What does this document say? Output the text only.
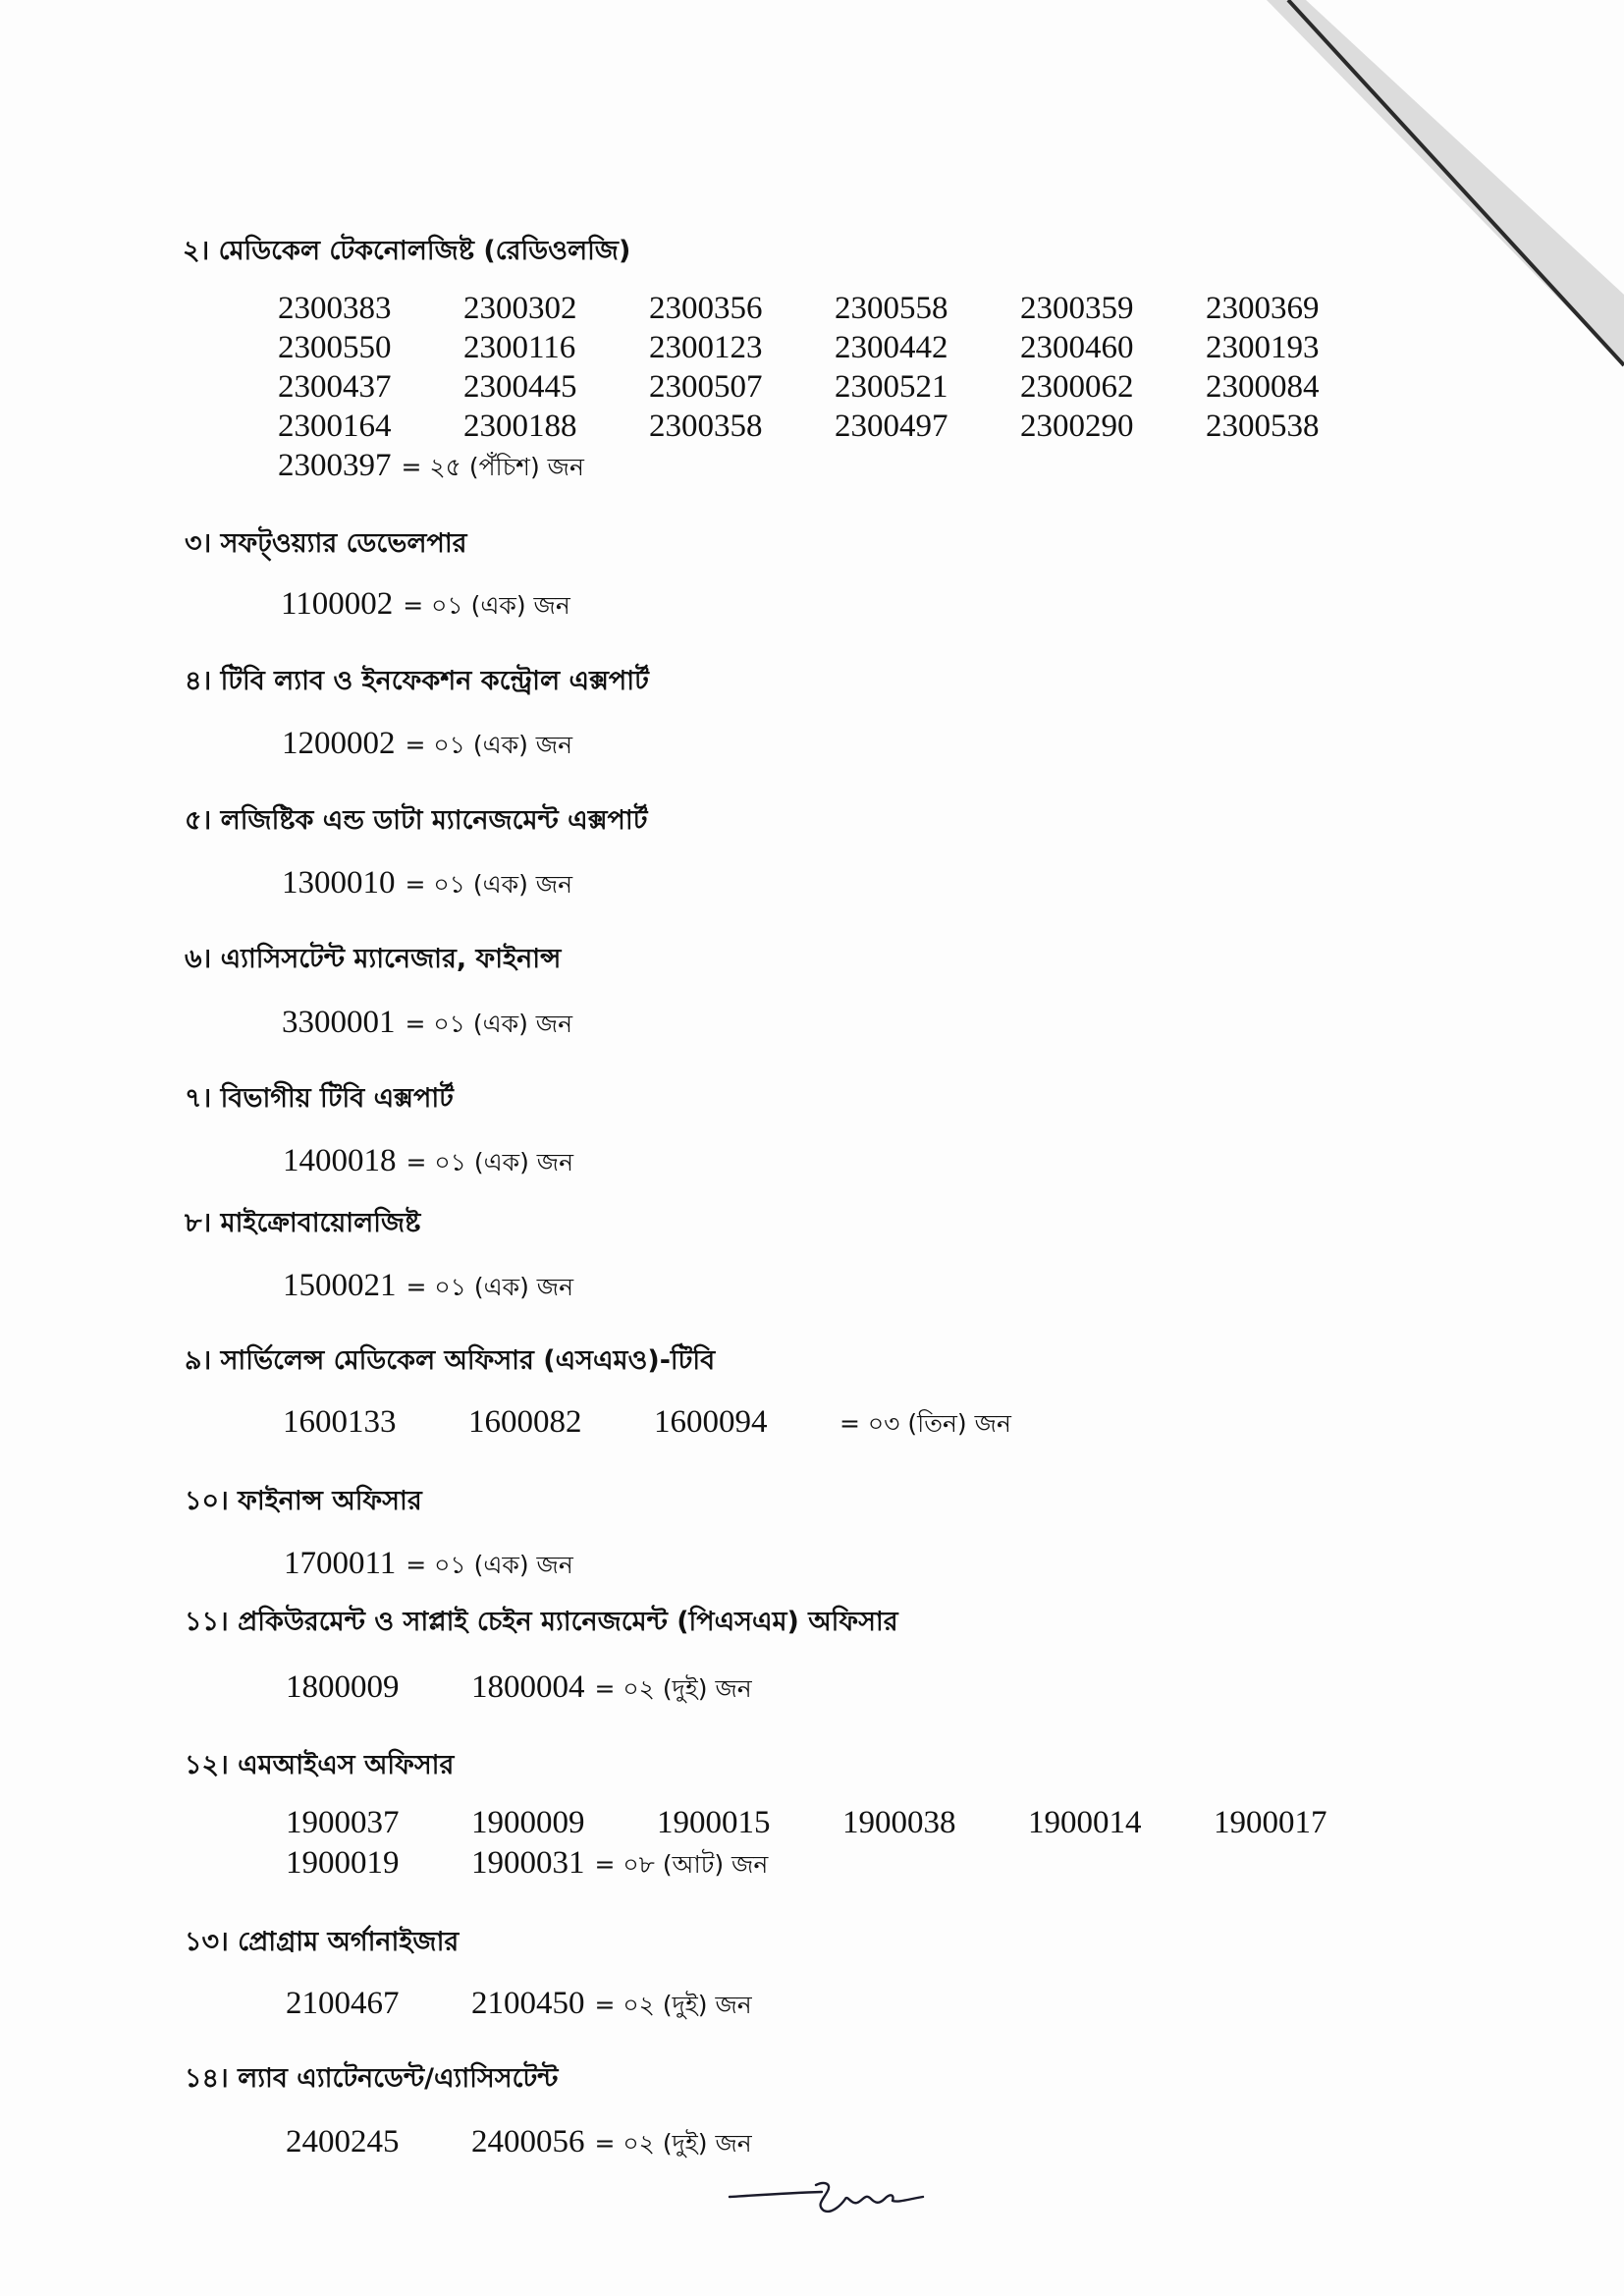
২। মেডিকেল টেকনোলজিষ্ট (রেডিওলজি)
2300383 2300302 2300356 2300558 2300359 2300369
2300550 2300116 2300123 2300442 2300460 2300193
2300437 2300445 2300507 2300521 2300062 2300084
2300164 2300188 2300358 2300497 2300290 2300538
2300397 = ২৫ (পঁচিশ) জন
৩। সফট্ওয়্যার ডেভেলপার
1100002 = ০১ (এক) জন
৪। টিবি ল্যাব ও ইনফেকশন কন্ট্রোল এক্সপার্ট
1200002 = ০১ (এক) জন
৫। লজিষ্টিক এন্ড ডাটা ম্যানেজমেন্ট এক্সপার্ট
1300010 = ০১ (এক) জন
৬। এ্যাসিসটেন্ট ম্যানেজার, ফাইনান্স
3300001 = ০১ (এক) জন
৭। বিভাগীয় টিবি এক্সপার্ট
1400018 = ০১ (এক) জন
৮। মাইক্রোবায়োলজিষ্ট
1500021 = ০১ (এক) জন
৯। সার্ভিলেন্স মেডিকেল অফিসার (এসএমও)-টিবি
1600133 1600082 1600094	= ০৩ (তিন) জন
১০। ফাইনান্স অফিসার
1700011 = ০১ (এক) জন
১১। প্রকিউরমেন্ট ও সাপ্লাই চেইন ম্যানেজমেন্ট (পিএসএম) অফিসার
1800009 1800004 = ০২ (দুই) জন
১২। এমআইএস অফিসার
1900037 1900009 1900015 1900038 1900014 1900017
1900019 1900031 = ০৮ (আট) জন
১৩। প্রোগ্রাম অর্গানাইজার
2100467 2100450 = ০২ (দুই) জন
১৪। ল্যাব এ্যাটেনডেন্ট/এ্যাসিসটেন্ট
2400245 2400056 = ০২ (দুই) জন
